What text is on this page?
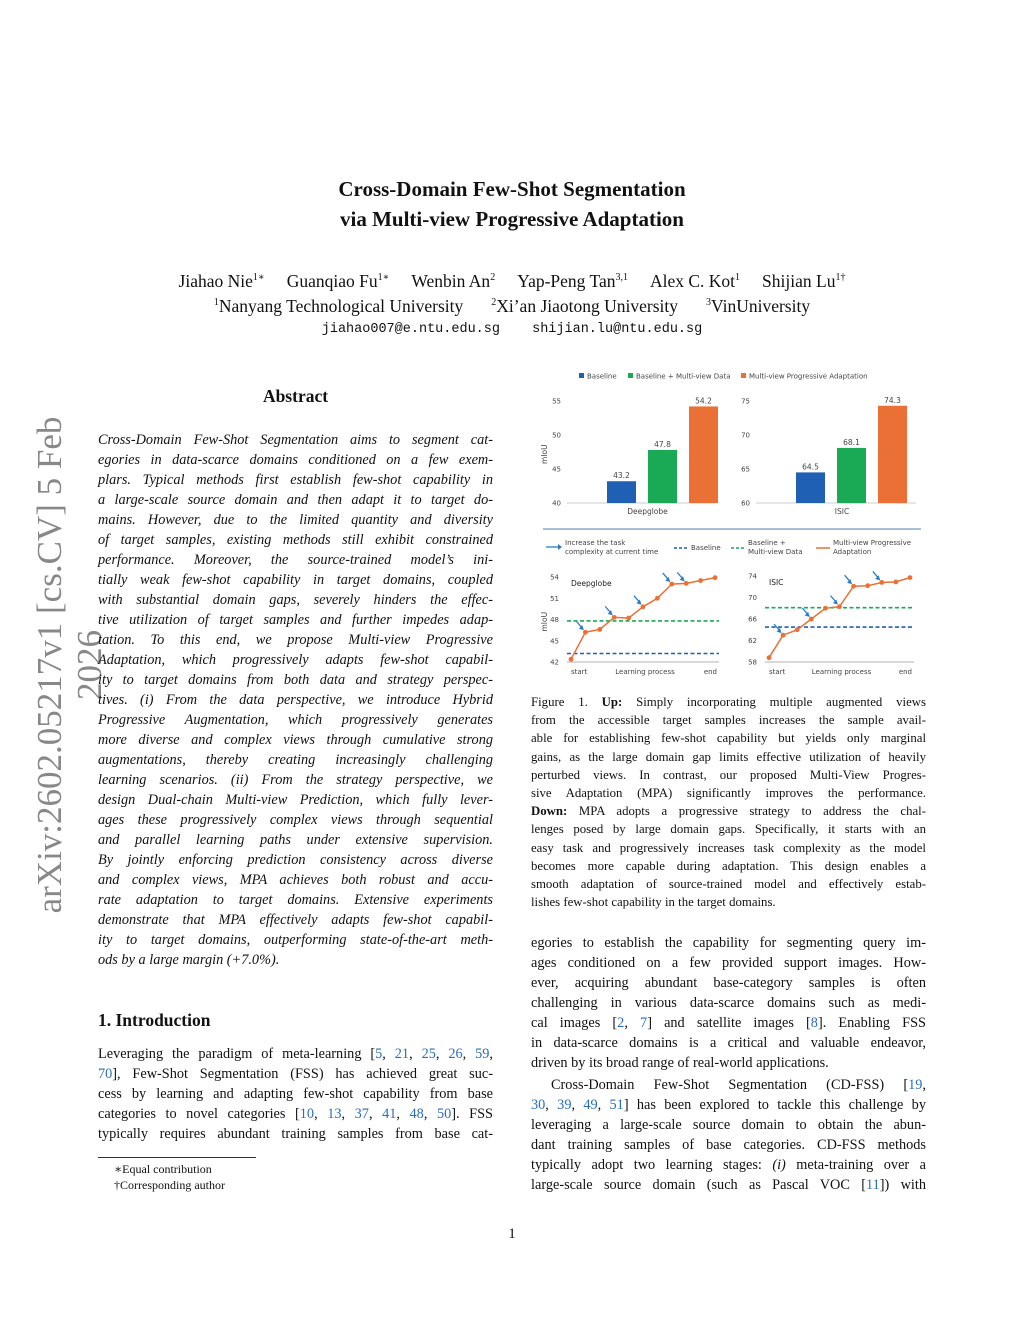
Cross-Domain Few-Shot Segmentation
via Multi-view Progressive Adaptation
Jiahao Nie$^{1∗}$ Guanqiao $Fu^{1∗}$ Wenbin An$^2$ Yap-Peng Tan$^{3,1}$ Alex C. Kot$^1$ Shijian $Lu^{1\dagger}$
$^1$Nanyang Technological University	$^2$Xi’an Jiaotong University	$^3$VinUniversity
jiahao007@e.ntu.edu.sg shijian.lu@ntu.edu.sg
arXiv:2602.05217v1 [cs.CV] 5 Feb 2026
Abstract
Cross-Domain Few-Shot Segmentation aims to segment cat-
egories in data-scarce domains conditioned on a few exem-
plars. Typical methods first establish few-shot capability in
a large-scale source domain and then adapt it to target do-
mains. However, due to the limited quantity and diversity
of target samples, existing methods still exhibit constrained
performance. Moreover, the source-trained model’s ini-
tially weak few-shot capability in target domains, coupled
with substantial domain gaps, severely hinders the effec-
tive utilization of target samples and further impedes adap-
tation. To this end, we propose Multi-view Progressive
Adaptation, which progressively adapts few-shot capabil-
ity to target domains from both data and strategy perspec-
tives. (i) From the data perspective, we introduce Hybrid
Progressive Augmentation, which progressively generates
more diverse and complex views through cumulative strong
augmentations, thereby creating increasingly challenging
learning scenarios. (ii) From the strategy perspective, we
design Dual-chain Multi-view Prediction, which fully lever-
ages these progressively complex views through sequential
and parallel learning paths under extensive supervision.
By jointly enforcing prediction consistency across diverse
and complex views, MPA achieves both robust and accu-
rate adaptation to target domains. Extensive experiments
demonstrate that MPA effectively adapts few-shot capabil-
ity to target domains, outperforming state-of-the-art meth-
ods by a large margin (+7.0%).
1. Introduction
Leveraging the paradigm of meta-learning [5, 21, 25, 26, 59,
70], Few-Shot Segmentation (FSS) has achieved great suc-
cess by learning and adapting few-shot capability from base
categories to novel categories [10, 13, 37, 41, 48, 50]. FSS
typically requires abundant training samples from base cat-
∗Equal contribution
†Corresponding author
Baseline	Baseline + Multi-view Data	Multi-view Progressive Adaptation
40
45
50
55
43.2
47.8
54.2
Deepglobe
mIoU
60
65
70
75
64.5
68.1
74.3
ISIC
Increase the task
complexity at current time	Baseline
Baseline +
Multi-view Data
Multi-view Progressive
Adaptation
42
45
48
51
54
Deepglobe
start	Learning process	end
mIoU
58
62
66
70
74
ISIC
start	Learning process	end
Figure 1. Up: Simply incorporating multiple augmented views
from the accessible target samples increases the sample avail-
able for establishing few-shot capability but yields only marginal
gains, as the large domain gap limits effective utilization of heavily
perturbed views. In contrast, our proposed Multi-View Progres-
sive Adaptation (MPA) significantly improves the performance.
Down: MPA adopts a progressive strategy to address the chal-
lenges posed by large domain gaps. Specifically, it starts with an
easy task and progressively increases task complexity as the model
becomes more capable during adaptation. This design enables a
smooth adaptation of source-trained model and effectively estab-
lishes few-shot capability in the target domains.
egories to establish the capability for segmenting query im-
ages conditioned on a few provided support images. How-
ever, acquiring abundant base-category samples is often
challenging in various data-scarce domains such as medi-
cal images [2, 7] and satellite images [8]. Enabling FSS
in data-scarce domains is a critical and valuable endeavor,
driven by its broad range of real-world applications.
Cross-Domain Few-Shot Segmentation (CD-FSS) [19,
30, 39, 49, 51] has been explored to tackle this challenge by
leveraging a large-scale source domain to obtain the abun-
dant training samples of base categories. CD-FSS methods
typically adopt two learning stages: (i) meta-training over a
large-scale source domain (such as Pascal VOC [11]) with
1
